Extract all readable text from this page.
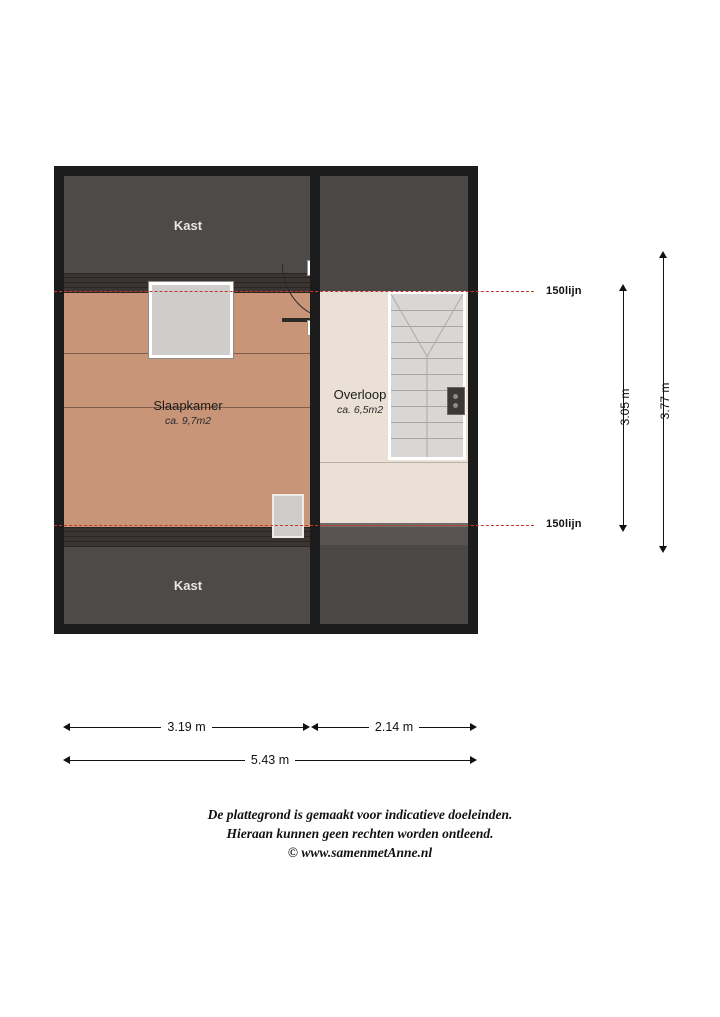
Kast
Slaapkamer
ca. 9,7m2
Overloop
ca. 6,5m2
Kast
150lijn
150lijn
3.05 m 3.77 m
3.19 m	2.14 m
5.43 m
De plattegrond is gemaakt voor indicatieve doeleinden.
Hieraan kunnen geen rechten worden ontleend.
© www.samenmetAnne.nl
